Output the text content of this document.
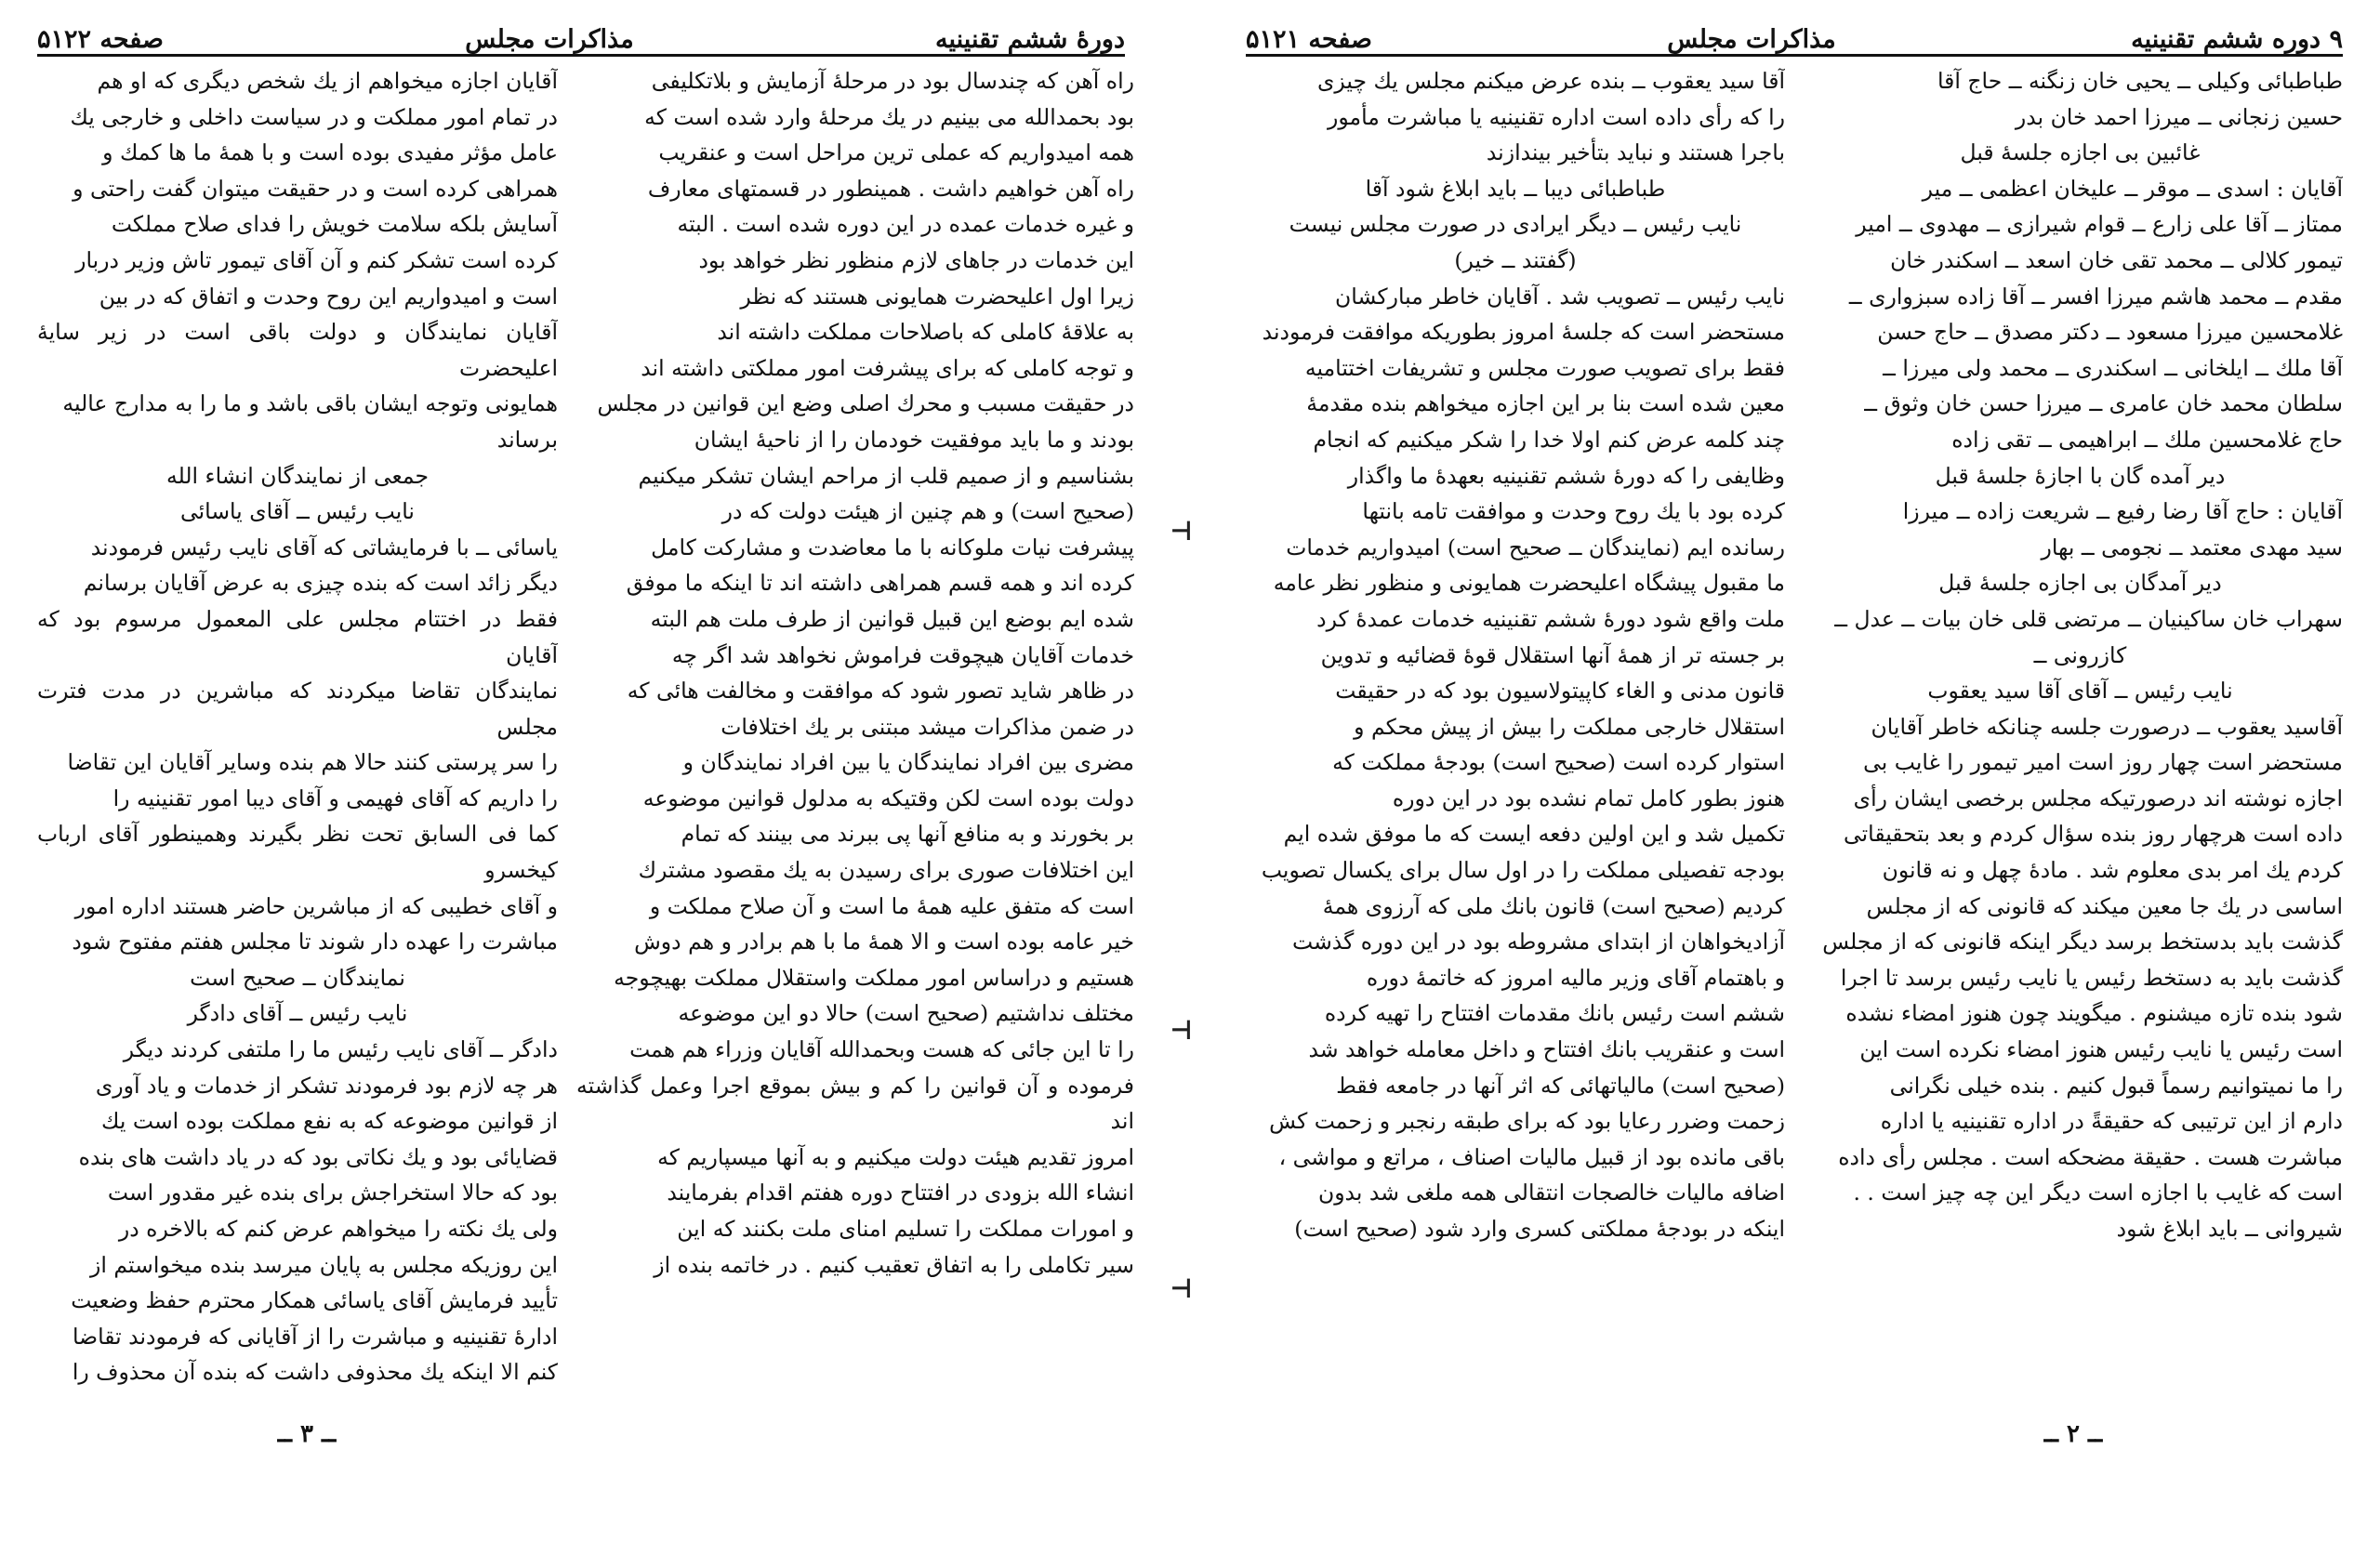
دورهٔ ششم تقنینیه
مذاکرات مجلس
صفحه ۵۱۲۲

راه آهن که چندسال بود در مرحلهٔ آزمایش و بلاتکلیفی

بود بحمدالله می بینیم در یك مرحلهٔ وارد شده است که

همه امیدواریم که عملی ترین مراحل است و عنقریب

راه آهن خواهیم داشت . همینطور در قسمتهای معارف

و غیره خدمات عمده در این دوره شده است . البته

این خدمات در جاهای لازم منظور نظر خواهد بود

زیرا اول اعلیحضرت همایونی هستند که نظر

به علاقهٔ کاملی که باصلاحات مملکت داشته اند

و توجه کاملی که برای پیشرفت امور مملکتی داشته اند

در حقیقت مسبب و محرك اصلی وضع این قوانین در مجلس

بودند و ما باید موفقیت خودمان را از ناحیهٔ ایشان

بشناسیم و از صمیم قلب از مراحم ایشان تشکر میکنیم

(صحیح است) و هم چنین از هیئت دولت که در

پیشرفت نیات ملوکانه با ما معاضدت و مشارکت کامل

کرده اند و همه قسم همراهی داشته اند تا اینکه ما موفق

شده ایم بوضع این قبیل قوانین از طرف ملت هم البته

خدمات آقایان هیچوقت فراموش نخواهد شد اگر چه

در ظاهر شاید تصور شود که موافقت و مخالفت هائی که

در ضمن مذاکرات میشد مبتنی بر یك اختلافات

مضری بین افراد نمایندگان یا بین افراد نمایندگان و

دولت بوده است لکن وقتیکه به مدلول قوانین موضوعه

بر بخورند و به منافع آنها پی ببرند می بینند که تمام

این اختلافات صوری برای رسیدن به یك مقصود مشترك

است که متفق علیه همهٔ ما است و آن صلاح مملکت و

خیر عامه بوده است و الا همهٔ ما با هم برادر و هم دوش

هستیم و دراساس امور مملکت واستقلال مملکت بهیچوجه

مختلف نداشتیم (صحیح است) حالا دو این موضوعه

را تا این جائی که هست وبحمدالله آقایان وزراء هم همت

فرموده و آن قوانین را کم و بیش بموقع اجرا وعمل گذاشته اند

امروز تقدیم هیئت دولت میکنیم و به آنها میسپاریم که

انشاء الله بزودی در افتتاح دوره هفتم اقدام بفرمایند

و امورات مملکت را تسلیم امنای ملت بکنند که این

سیر تکاملی را به اتفاق تعقیب کنیم . در خاتمه بنده از

آقایان اجازه میخواهم از یك شخص دیگری که او هم

در تمام امور مملکت و در سیاست داخلی و خارجی یك

عامل مؤثر مفیدی بوده است و با همهٔ ما ها کمك و

همراهی کرده است و در حقیقت میتوان گفت راحتی و

آسایش بلکه سلامت خویش را فدای صلاح مملکت

کرده است تشکر کنم و آن آقای تیمور تاش وزیر دربار

است و امیدواریم این روح وحدت و اتفاق که در بین

آقایان نمایندگان و دولت باقی است در زیر سایهٔ اعلیحضرت

همایونی وتوجه ایشان باقی باشد و ما را به مدارج عالیه

برساند

جمعی از نمایندگان انشاء الله

نایب رئیس ــ آقای یاسائی

یاسائی ــ با فرمایشاتی که آقای نایب رئیس فرمودند

دیگر زائد است که بنده چیزی به عرض آقایان برسانم

فقط در اختتام مجلس علی المعمول مرسوم بود که آقایان

نمایندگان تقاضا میکردند که مباشرین در مدت فترت مجلس

را سر پرستی کنند حالا هم بنده وسایر آقایان این تقاضا

را داریم که آقای فهیمی و آقای دیبا امور تقنینیه را

کما فی السابق تحت نظر بگیرند وهمینطور آقای ارباب کیخسرو

و آقای خطیبی که از مباشرین حاضر هستند اداره امور

مباشرت را عهده دار شوند تا مجلس هفتم مفتوح شود

نمایندگان ــ صحیح است

نایب رئیس ــ آقای دادگر

دادگر ــ آقای نایب رئیس ما را ملتفی کردند دیگر

هر چه لازم بود فرمودند تشکر از خدمات و یاد آوری

از قوانین موضوعه که به نفع مملکت بوده است یك

قضایائی بود و یك نکاتی بود که در یاد داشت های بنده

بود که حالا استخراجش برای بنده غیر مقدور است

ولی یك نکته را میخواهم عرض کنم که بالاخره در

این روزیکه مجلس به پایان میرسد بنده میخواستم از

تأیید فرمایش آقای یاسائی همکار محترم حفظ وضعیت

ادارهٔ تقنینیه و مباشرت را از آقایانی که فرمودند تقاضا

کنم الا اینکه یك محذوفی داشت که بنده آن محذوف را

ــ ۳ ــ
⊣
⊣
⊣
٩ دوره ششم تقنینیه
مذاکرات مجلس
صفحه ۵۱۲۱

طباطبائی وکیلی ــ یحیی خان زنگنه ــ حاج آقا

حسین زنجانی ــ میرزا احمد خان بدر

غائبین بی اجازه جلسهٔ قبل

آقایان : اسدی ــ موقر ــ علیخان اعظمی ــ میر

ممتاز ــ آقا علی زارع ــ قوام شیرازی ــ مهدوی ــ امیر

تیمور کلالی ــ محمد تقی خان اسعد ــ اسکندر خان

مقدم ــ محمد هاشم میرزا افسر ــ آقا زاده سبزواری ــ

غلامحسین میرزا مسعود ــ دکتر مصدق ــ حاج حسن

آقا ملك ــ ایلخانی ــ اسکندری ــ محمد ولی میرزا ــ

سلطان محمد خان عامری ــ میرزا حسن خان وثوق ــ

حاج غلامحسین ملك ــ ابراهیمی ــ تقی زاده

دیر آمده گان با اجازهٔ جلسهٔ قبل

آقایان : حاج آقا رضا رفیع ــ شریعت زاده ــ میرزا

سید مهدی معتمد ــ نجومی ــ بهار

دیر آمدگان بی اجازه جلسهٔ قبل

سهراب خان ساکینیان ــ مرتضی قلی خان بیات ــ عدل ــ

کازرونی ــ

نایب رئیس ــ آقای آقا سید یعقوب

آقاسید یعقوب ــ درصورت جلسه چنانکه خاطر آقایان

مستحضر است چهار روز است امیر تیمور را غایب بی

اجازه نوشته اند درصورتیکه مجلس برخصی ایشان رأی

داده است هرچهار روز بنده سؤال کردم و بعد بتحقیقاتی

کردم یك امر بدی معلوم شد . مادهٔ چهل و نه قانون

اساسی در یك جا معین میکند که قانونی که از مجلس

گذشت باید بدستخط برسد دیگر اینکه قانونی که از مجلس

گذشت باید به دستخط رئیس یا نایب رئیس برسد تا اجرا

شود بنده تازه میشنوم . میگویند چون هنوز امضاء نشده

است رئیس یا نایب رئیس هنوز امضاء نکرده است این

را ما نمیتوانیم رسماً قبول کنیم . بنده خیلی نگرانی

دارم از این ترتیبی که حقیقةً در اداره تقنینیه یا اداره

مباشرت هست . حقیقة مضحکه است . مجلس رأی داده

است که غایب با اجازه است دیگر این چه چیز است . .

شیروانی ــ باید ابلاغ شود

آقا سید یعقوب ــ بنده عرض میکنم مجلس یك چیزی

را که رأی داده است اداره تقنینیه یا مباشرت مأمور

باجرا هستند و نباید بتأخیر بیندازند

طباطبائی دیبا ــ باید ابلاغ شود آقا

نایب رئیس ــ دیگر ایرادی در صورت مجلس نیست

(گفتند ــ خیر)

نایب رئیس ــ تصویب شد . آقایان خاطر مبارکشان

مستحضر است که جلسهٔ امروز بطوریکه موافقت فرمودند

فقط برای تصویب صورت مجلس و تشریفات اختتامیه

معین شده است بنا بر این اجازه میخواهم بنده مقدمهٔ

چند کلمه عرض کنم اولا خدا را شکر میکنیم که انجام

وظایفی را که دورهٔ ششم تقنینیه بعهدهٔ ما واگذار

کرده بود با یك روح وحدت و موافقت تامه بانتها

رسانده ایم (نمایندگان ــ صحیح است) امیدواریم خدمات

ما مقبول پیشگاه اعلیحضرت همایونی و منظور نظر عامه

ملت واقع شود دورهٔ ششم تقنینیه خدمات عمدهٔ کرد

بر جسته تر از همهٔ آنها استقلال قوهٔ قضائیه و تدوین

قانون مدنی و الغاء کاپیتولاسیون بود که در حقیقت

استقلال خارجی مملکت را بیش از پیش محکم و

استوار کرده است (صحیح است) بودجهٔ مملکت که

هنوز بطور کامل تمام نشده بود در این دوره

تکمیل شد و این اولین دفعه ایست که ما موفق شده ایم

بودجه تفصیلی مملکت را در اول سال برای یکسال تصویب

کردیم (صحیح است) قانون بانك ملی که آرزوی همهٔ

آزادیخواهان از ابتدای مشروطه بود در این دوره گذشت

و باهتمام آقای وزیر مالیه امروز که خاتمهٔ دوره

ششم است رئیس بانك مقدمات افتتاح را تهیه کرده

است و عنقریب بانك افتتاح و داخل معامله خواهد شد

(صحیح است) مالیاتهائی که اثر آنها در جامعه فقط

زحمت وضرر رعایا بود که برای طبقه رنجبر و زحمت کش

باقی مانده بود از قبیل مالیات اصناف ، مراتع و مواشی ،

اضافه مالیات خالصجات انتقالی همه ملغی شد بدون

اینکه در بودجهٔ مملکتی کسری وارد شود (صحیح است)

ــ ۲ ــ
